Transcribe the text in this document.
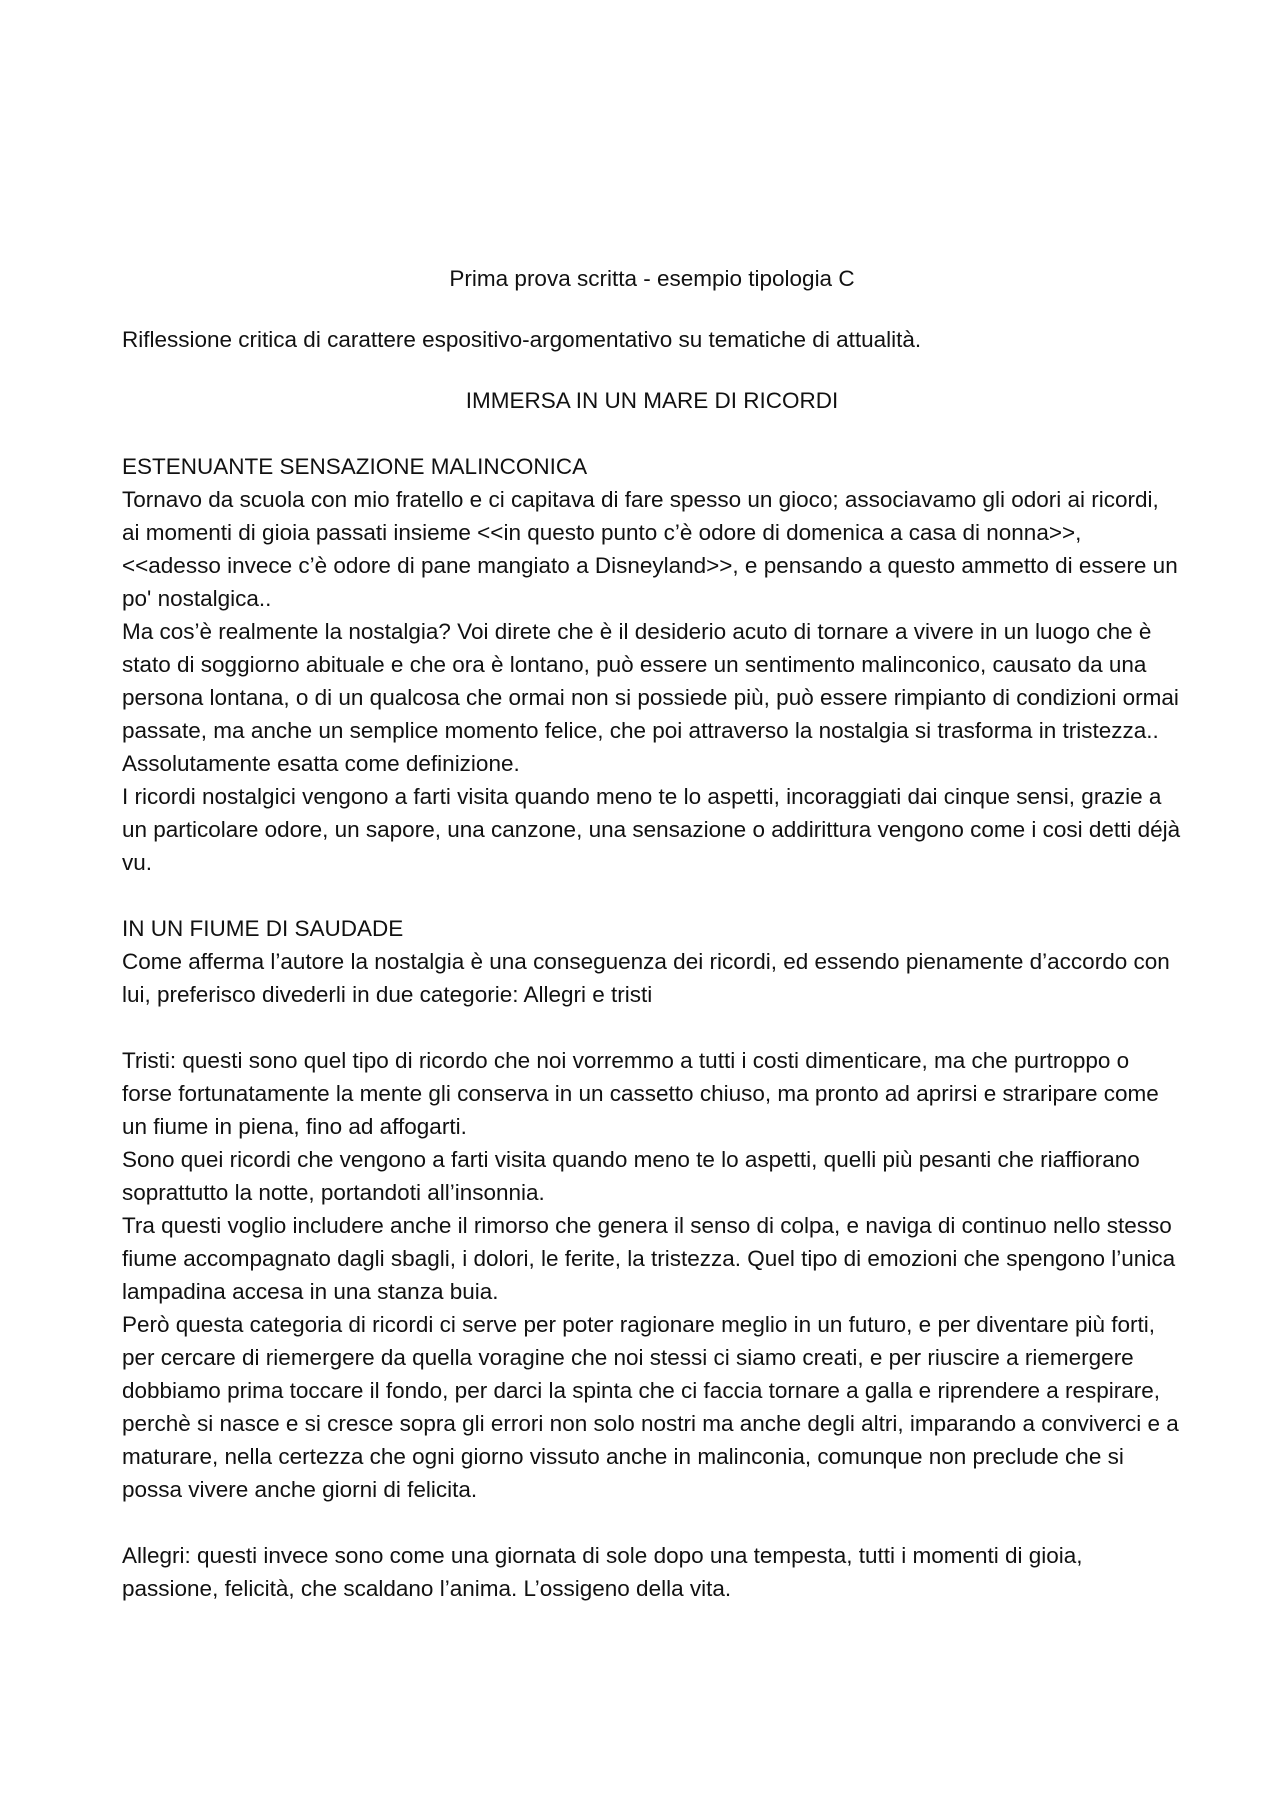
Prima prova scritta - esempio tipologia C

Riflessione critica di carattere espositivo-argomentativo su tematiche di attualità.

IMMERSA IN UN MARE DI RICORDI

ESTENUANTE SENSAZIONE MALINCONICA

Tornavo da scuola con mio fratello e ci capitava di fare spesso un gioco; associavamo gli odori ai ricordi, ai momenti di gioia passati insieme <<in questo punto c’è odore di domenica a casa di nonna>>, <<adesso invece c’è odore di pane mangiato a Disneyland>>, e pensando a questo ammetto di essere un po' nostalgica..

Ma cos’è realmente la nostalgia? Voi direte che è il desiderio acuto di tornare a vivere in un luogo che è stato di soggiorno abituale e che ora è lontano, può essere un sentimento malinconico, causato da una persona lontana, o di un qualcosa che ormai non si possiede più, può essere rimpianto di condizioni ormai passate, ma anche un semplice momento felice, che poi attraverso la nostalgia si trasforma in tristezza..

Assolutamente esatta come definizione.

I ricordi nostalgici vengono a farti visita quando meno te lo aspetti, incoraggiati dai cinque sensi, grazie a un particolare odore, un sapore, una canzone, una sensazione o addirittura vengono come i cosi detti déjà vu.

IN UN FIUME DI SAUDADE

Come afferma l’autore la nostalgia è una conseguenza dei ricordi, ed essendo pienamente d’accordo con lui, preferisco divederli in due categorie: Allegri e tristi

Tristi: questi sono quel tipo di ricordo che noi vorremmo a tutti i costi dimenticare, ma che purtroppo o forse fortunatamente la mente gli conserva in un cassetto chiuso, ma pronto ad aprirsi e straripare come un fiume in piena, fino ad affogarti.

Sono quei ricordi che vengono a farti visita quando meno te lo aspetti, quelli più pesanti che riaffiorano soprattutto la notte, portandoti all’insonnia.

Tra questi voglio includere anche il rimorso che genera il senso di colpa, e naviga di continuo nello stesso fiume accompagnato dagli sbagli, i dolori, le ferite, la tristezza. Quel tipo di emozioni che spengono l’unica lampadina accesa in una stanza buia.

Però questa categoria di ricordi ci serve per poter ragionare meglio in un futuro, e per diventare più forti, per cercare di riemergere da quella voragine che noi stessi ci siamo creati, e per riuscire a riemergere dobbiamo prima toccare il fondo, per darci la spinta che ci faccia tornare a galla e riprendere a respirare, perchè si nasce e si cresce sopra gli errori non solo nostri ma anche degli altri, imparando a conviverci e a maturare, nella certezza che ogni giorno vissuto anche in malinconia, comunque non preclude che si possa vivere anche giorni di felicita.

Allegri: questi invece sono come una giornata di sole dopo una tempesta, tutti i momenti di gioia, passione, felicità, che scaldano l’anima. L’ossigeno della vita.
